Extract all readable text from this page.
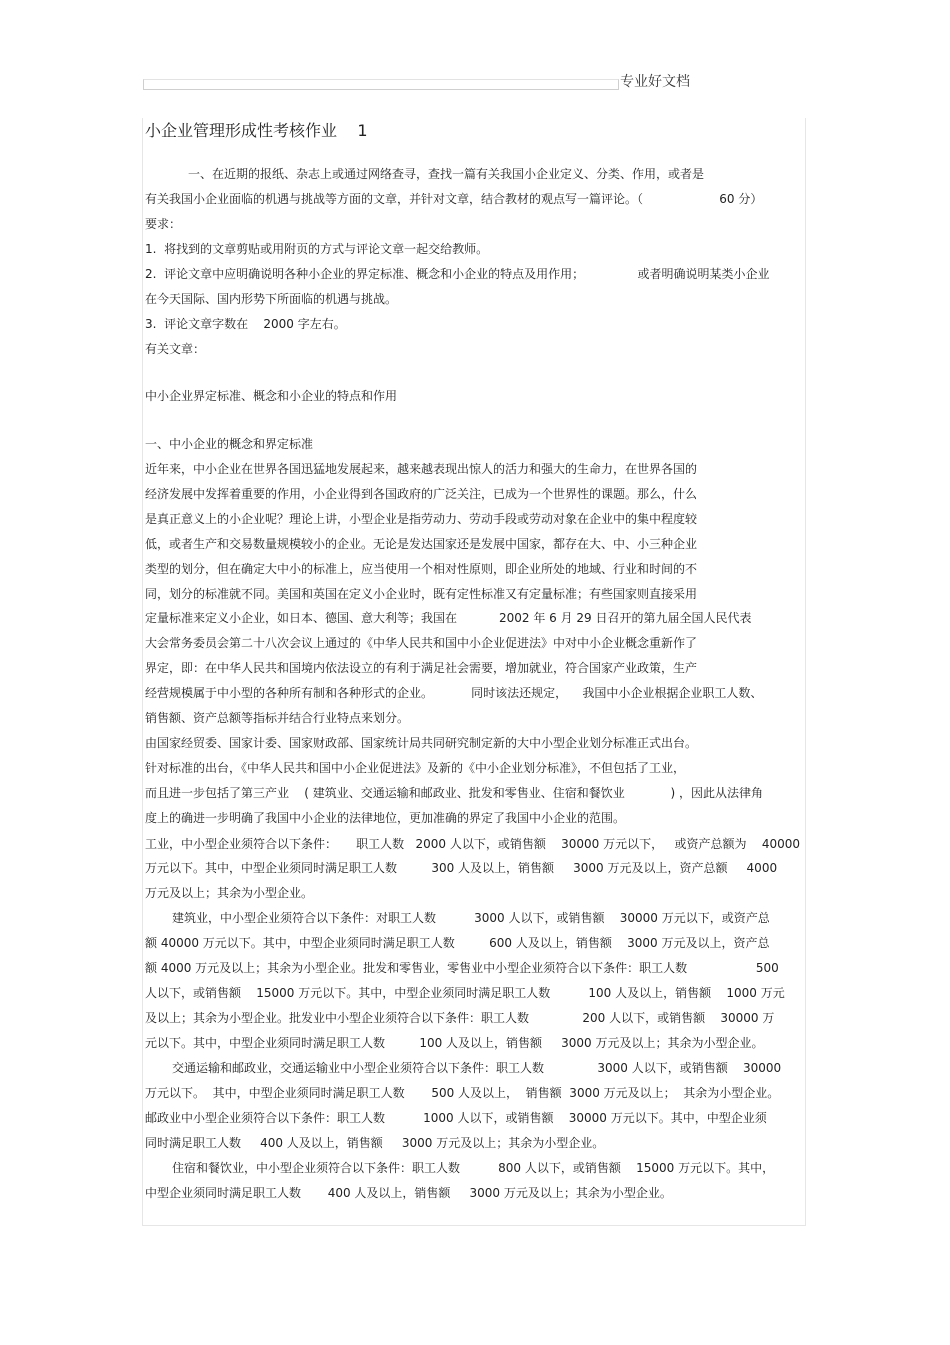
专业好文档
小企业管理形成性考核作业    1
一、在近期的报纸、杂志上或通过网络查寻，查找一篇有关我国小企业定义、分类、作用，或者是
有关我国小企业面临的机遇与挑战等方面的文章，并针对文章，结合教材的观点写一篇评论。（                    60 分）
要求：
1.  将找到的文章剪贴或用附页的方式与评论文章一起交给教师。
2.  评论文章中应明确说明各种小企业的界定标准、概念和小企业的特点及用作用；              或者明确说明某类小企业
在今天国际、国内形势下所面临的机遇与挑战。
3.  评论文章字数在    2000 字左右。
有关文章：
中小企业界定标准、概念和小企业的特点和作用
一、中小企业的概念和界定标准
近年来，中小企业在世界各国迅猛地发展起来，越来越表现出惊人的活力和强大的生命力，在世界各国的
经济发展中发挥着重要的作用，小企业得到各国政府的广泛关注，已成为一个世界性的课题。那么，什么
是真正意义上的小企业呢？理论上讲，小型企业是指劳动力、劳动手段或劳动对象在企业中的集中程度较
低，或者生产和交易数量规模较小的企业。无论是发达国家还是发展中国家，都存在大、中、小三种企业
类型的划分，但在确定大中小的标准上，应当使用一个相对性原则，即企业所处的地域、行业和时间的不
同，划分的标准就不同。美国和英国在定义小企业时，既有定性标准又有定量标准；有些国家则直接采用
定量标准来定义小企业，如日本、德国、意大利等；我国在           2002 年 6 月 29 日召开的第九届全国人民代表
大会常务委员会第二十八次会议上通过的《中华人民共和国中小企业促进法》中对中小企业概念重新作了
界定，即：在中华人民共和国境内依法设立的有利于满足社会需要，增加就业，符合国家产业政策，生产
经营规模属于中小型的各种所有制和各种形式的企业。          同时该法还规定，    我国中小企业根据企业职工人数、
销售额、资产总额等指标并结合行业特点来划分。
由国家经贸委、国家计委、国家财政部、国家统计局共同研究制定新的大中小型企业划分标准正式出台。
针对标准的出台，《中华人民共和国中小企业促进法》及新的《中小企业划分标准》，不但包括了工业，
而且进一步包括了第三产业    ( 建筑业、交通运输和邮政业、批发和零售业、住宿和餐饮业            ) ，因此从法律角
度上的确进一步明确了我国中小企业的法律地位，更加准确的界定了我国中小企业的范围。
工业，中小型企业须符合以下条件：     职工人数   2000 人以下，或销售额    30000 万元以下，   或资产总额为    40000
万元以下。其中，中型企业须同时满足职工人数         300 人及以上，销售额     3000 万元及以上，资产总额     4000
万元及以上；其余为小型企业。
建筑业，中小型企业须符合以下条件：对职工人数          3000 人以下，或销售额    30000 万元以下，或资产总
额 40000 万元以下。其中，中型企业须同时满足职工人数         600 人及以上，销售额    3000 万元及以上，资产总
额 4000 万元及以上；其余为小型企业。批发和零售业，零售业中小型企业须符合以下条件：职工人数                  500
人以下，或销售额    15000 万元以下。其中，中型企业须同时满足职工人数          100 人及以上，销售额    1000 万元
及以上；其余为小型企业。批发业中小型企业须符合以下条件：职工人数              200 人以下，或销售额    30000 万
元以下。其中，中型企业须同时满足职工人数         100 人及以上，销售额     3000 万元及以上；其余为小型企业。
交通运输和邮政业，交通运输业中小型企业须符合以下条件：职工人数              3000 人以下，或销售额    30000
万元以下。  其中，中型企业须同时满足职工人数       500 人及以上，  销售额  3000 万元及以上；  其余为小型企业。
邮政业中小型企业须符合以下条件：职工人数          1000 人以下，或销售额    30000 万元以下。其中，中型企业须
同时满足职工人数     400 人及以上，销售额     3000 万元及以上；其余为小型企业。
住宿和餐饮业，中小型企业须符合以下条件：职工人数          800 人以下，或销售额    15000 万元以下。其中，
中型企业须同时满足职工人数       400 人及以上，销售额     3000 万元及以上；其余为小型企业。
